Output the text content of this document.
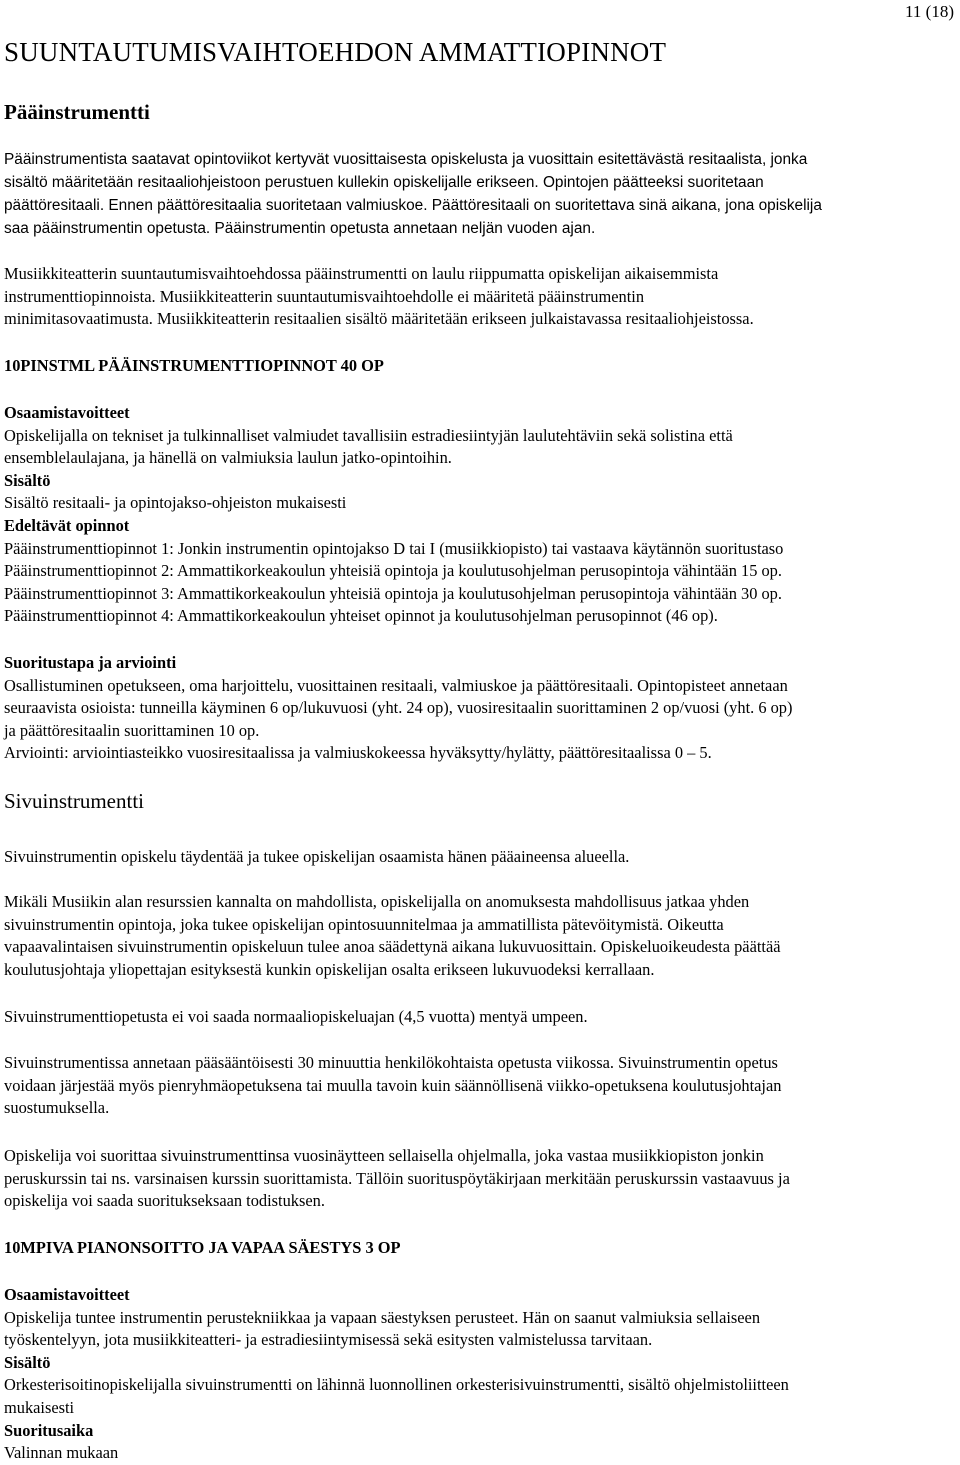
11 (18)
SUUNTAUTUMISVAIHTOEHDON AMMATTIOPINNOT
Pääinstrumentti

Pääinstrumentista saatavat opintoviikot kertyvät vuosittaisesta opiskelusta ja vuosittain esitettävästä resitaalista, jonka

sisältö määritetään resitaaliohjeistoon perustuen kullekin opiskelijalle erikseen. Opintojen päätteeksi suoritetaan

päättöresitaali. Ennen päättöresitaalia suoritetaan valmiuskoe. Päättöresitaali on suoritettava sinä aikana, jona opiskelija

saa pääinstrumentin opetusta. Pääinstrumentin opetusta annetaan neljän vuoden ajan.

Musiikkiteatterin suuntautumisvaihtoehdossa pääinstrumentti on laulu riippumatta opiskelijan aikaisemmista

instrumenttiopinnoista. Musiikkiteatterin suuntautumisvaihtoehdolle ei määritetä pääinstrumentin

minimitasovaatimusta. Musiikkiteatterin resitaalien sisältö määritetään erikseen julkaistavassa resitaaliohjeistossa.

10PINSTML PÄÄINSTRUMENTTIOPINNOT 40 OP

Osaamistavoitteet

Opiskelijalla on tekniset ja tulkinnalliset valmiudet tavallisiin estradiesiintyjän laulutehtäviin sekä solistina että

ensemblelaulajana, ja hänellä on valmiuksia laulun jatko-opintoihin.

Sisältö

Sisältö resitaali- ja opintojakso-ohjeiston mukaisesti

Edeltävät opinnot

Pääinstrumenttiopinnot 1: Jonkin instrumentin opintojakso D tai I (musiikkiopisto) tai vastaava käytännön suoritustaso

Pääinstrumenttiopinnot 2: Ammattikorkeakoulun yhteisiä opintoja ja koulutusohjelman perusopintoja vähintään 15 op.

Pääinstrumenttiopinnot 3: Ammattikorkeakoulun yhteisiä opintoja ja koulutusohjelman perusopintoja vähintään 30 op.

Pääinstrumenttiopinnot 4: Ammattikorkeakoulun yhteiset opinnot ja koulutusohjelman perusopinnot (46 op).

Suoritustapa ja arviointi

Osallistuminen opetukseen, oma harjoittelu, vuosittainen resitaali, valmiuskoe ja päättöresitaali. Opintopisteet annetaan

seuraavista osioista: tunneilla käyminen 6 op/lukuvuosi (yht. 24 op), vuosiresitaalin suorittaminen 2 op/vuosi (yht. 6 op)

ja päättöresitaalin suorittaminen 10 op.

Arviointi: arviointiasteikko vuosiresitaalissa ja valmiuskokeessa hyväksytty/hylätty, päättöresitaalissa 0 – 5.

Sivuinstrumentti

Sivuinstrumentin opiskelu täydentää ja tukee opiskelijan osaamista hänen pääaineensa alueella.

Mikäli Musiikin alan resurssien kannalta on mahdollista, opiskelijalla on anomuksesta mahdollisuus jatkaa yhden

sivuinstrumentin opintoja, joka tukee opiskelijan opintosuunnitelmaa ja ammatillista pätevöitymistä. Oikeutta

vapaavalintaisen sivuinstrumentin opiskeluun tulee anoa säädettynä aikana lukuvuosittain. Opiskeluoikeudesta päättää

koulutusjohtaja yliopettajan esityksestä kunkin opiskelijan osalta erikseen lukuvuodeksi kerrallaan.

Sivuinstrumenttiopetusta ei voi saada normaaliopiskeluajan (4,5 vuotta) mentyä umpeen.

Sivuinstrumentissa annetaan pääsääntöisesti 30 minuuttia henkilökohtaista opetusta viikossa. Sivuinstrumentin opetus

voidaan järjestää myös pienryhmäopetuksena tai muulla tavoin kuin säännöllisenä viikko-opetuksena koulutusjohtajan

suostumuksella.

Opiskelija voi suorittaa sivuinstrumenttinsa vuosinäytteen sellaisella ohjelmalla, joka vastaa musiikkiopiston jonkin

peruskurssin tai ns. varsinaisen kurssin suorittamista. Tällöin suorituspöytäkirjaan merkitään peruskurssin vastaavuus ja

opiskelija voi saada suoritukseksaan todistuksen.

10MPIVA PIANONSOITTO JA VAPAA SÄESTYS 3 OP

Osaamistavoitteet

Opiskelija tuntee instrumentin perustekniikkaa ja vapaan säestyksen perusteet. Hän on saanut valmiuksia sellaiseen

työskentelyyn, jota musiikkiteatteri- ja estradiesiintymisessä sekä esitysten valmistelussa tarvitaan.

Sisältö

Orkesterisoitinopiskelijalla sivuinstrumentti on lähinnä luonnollinen orkesterisivuinstrumentti, sisältö ohjelmistoliitteen

mukaisesti

Suoritusaika

Valinnan mukaan
